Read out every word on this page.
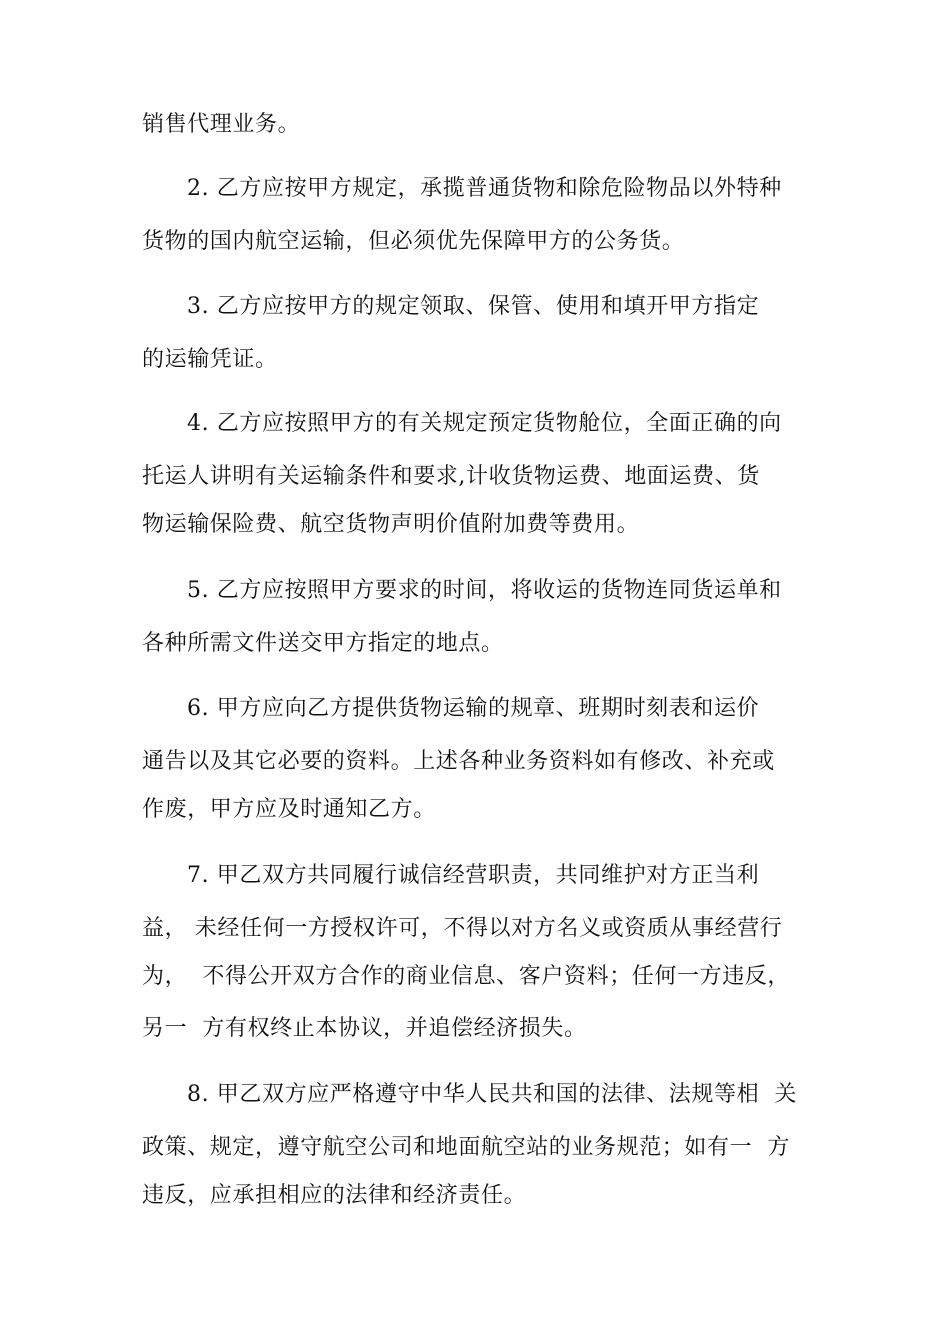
销售代理业务。
2. 乙方应按甲方规定，承揽普通货物和除危险物品以外特种
货物的国内航空运输，但必须优先保障甲方的公务货。
3. 乙方应按甲方的规定领取、保管、使用和填开甲方指定
的运输凭证。
4. 乙方应按照甲方的有关规定预定货物舱位，全面正确的向
托运人讲明有关运输条件和要求,计收货物运费、地面运费、货
物运输保险费、航空货物声明价值附加费等费用。
5. 乙方应按照甲方要求的时间，将收运的货物连同货运单和
各种所需文件送交甲方指定的地点。
6. 甲方应向乙方提供货物运输的规章、班期时刻表和运价
通告以及其它必要的资料。上述各种业务资料如有修改、补充或
作废，甲方应及时通知乙方。
7. 甲乙双方共同履行诚信经营职责，共同维护对方正当利
益， 未经任何一方授权许可，不得以对方名义或资质从事经营行
为，  不得公开双方合作的商业信息、客户资料；任何一方违反，
另一  方有权终止本协议，并追偿经济损失。
8. 甲乙双方应严格遵守中华人民共和国的法律、法规等相  关
政策、规定，遵守航空公司和地面航空站的业务规范；如有一  方
违反，应承担相应的法律和经济责任。
